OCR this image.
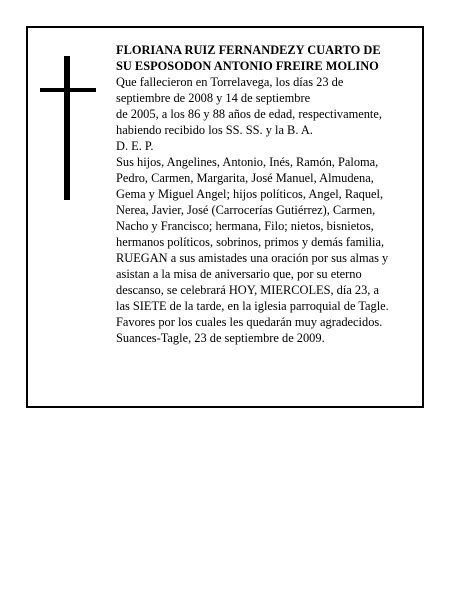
FLORIANA RUIZ FERNANDEZY CUARTO DE
SU ESPOSODON ANTONIO FREIRE MOLINO
Que fallecieron en Torrelavega, los días 23 de
septiembre de 2008 y 14 de septiembre
de 2005, a los 86 y 88 años de edad, respectivamente,
habiendo recibido los SS. SS. y la B. A.
D. E. P.
Sus hijos, Angelines, Antonio, Inés, Ramón, Paloma,
Pedro, Carmen, Margarita, José Manuel, Almudena,
Gema y Miguel Angel; hijos políticos, Angel, Raquel,
Nerea, Javier, José (Carrocerías Gutiérrez), Carmen,
Nacho y Francisco; hermana, Filo; nietos, bisnietos,
hermanos políticos, sobrinos, primos y demás familia,
RUEGAN a sus amistades una oración por sus almas y
asistan a la misa de aniversario que, por su eterno
descanso, se celebrará HOY, MIERCOLES, día 23, a
las SIETE de la tarde, en la iglesia parroquial de Tagle.
Favores por los cuales les quedarán muy agradecidos.
Suances-Tagle, 23 de septiembre de 2009.
